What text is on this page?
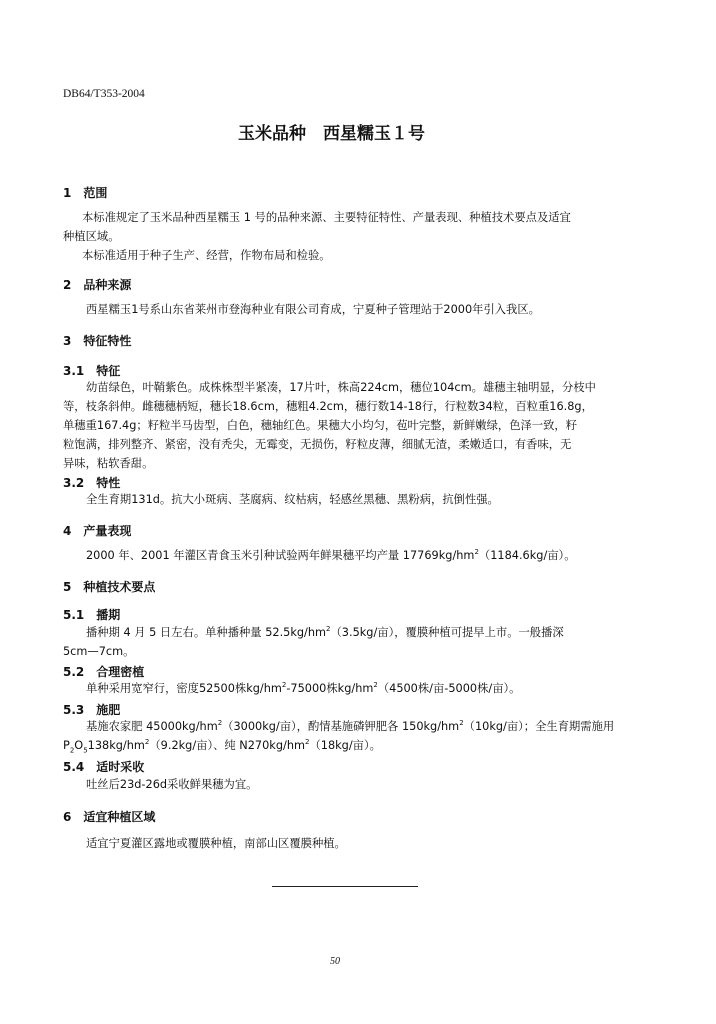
DB64/T353-2004
玉米品种　西星糯玉１号
1　范围
本标准规定了玉米品种西星糯玉 1 号的品种来源、主要特征特性、产量表现、种植技术要点及适宜
种植区域。
本标准适用于种子生产、经营，作物布局和检验。
2　品种来源
西星糯玉1号系山东省莱州市登海种业有限公司育成，宁夏种子管理站于2000年引入我区。
3　特征特性
3.1　特征
幼苗绿色，叶鞘紫色。成株株型半紧凑，17片叶，株高224cm，穗位104cm。雄穗主轴明显，分枝中
等，枝条斜伸。雌穗穗柄短，穗长18.6cm，穗粗4.2cm，穗行数14-18行，行粒数34粒，百粒重16.8g，
单穗重167.4g；籽粒半马齿型，白色，穗轴红色。果穗大小均匀，苞叶完整，新鲜嫩绿，色泽一致，籽
粒饱满，排列整齐、紧密，没有秃尖，无霉变，无损伤，籽粒皮薄，细腻无渣，柔嫩适口，有香味，无
异味，粘软香甜。
3.2　特性
全生育期131d。抗大小斑病、茎腐病、纹枯病，轻感丝黑穗、黑粉病，抗倒性强。
4　产量表现
2000 年、2001 年灌区青食玉米引种试验两年鲜果穗平均产量 $17769kg/hm^2(1184.6kg/$亩）。
5　种植技术要点
5.1　播期
播种期 4 月 5 日左右。单种播种量 $52.5kg/hm^2(3.5kg/$亩），覆膜种植可提早上市。一般播深
5cm—7cm。
5.2　合理密植
单种采用宽窄行，密度52500株$kg/hm^2-75000$株$kg/hm^2(4500$株/亩-5000株/亩）。
5.3　施肥
基施农家肥 $45000kg/hm^2(3000kg/$亩），酌情基施磷钾肥各 $150kg/hm^2(10kg/$亩）；全生育期需施用
$P_2O_5138kg/hm^2(9.2kg/$亩）、纯 $N270kg/hm^2(18kg/$亩）。
5.4　适时采收
吐丝后23d-26d采收鲜果穗为宜。
6　适宜种植区域
适宜宁夏灌区露地或覆膜种植，南部山区覆膜种植。
50
